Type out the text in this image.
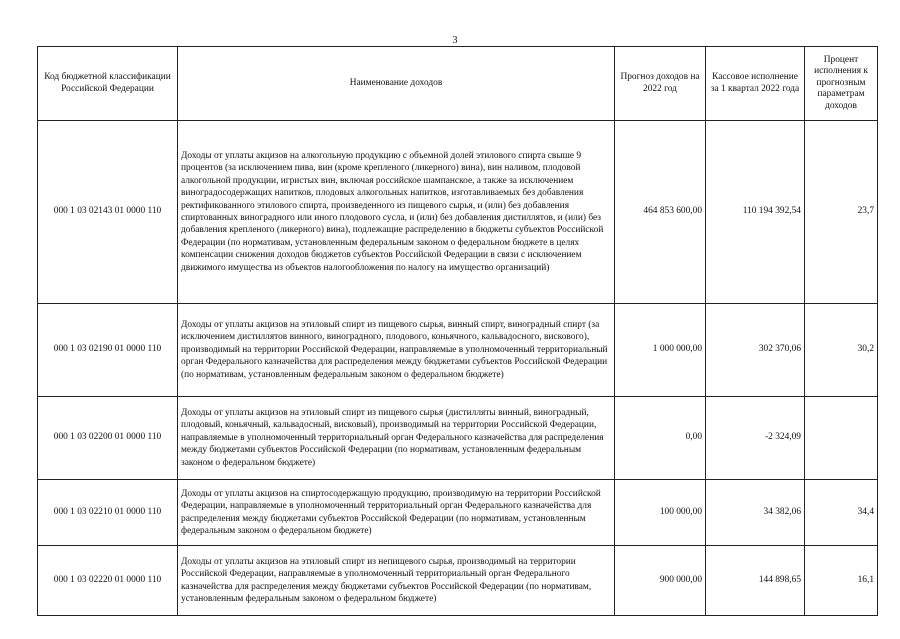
3
Код бюджетной классификации Российской Федерации	Наименование доходов	Прогноз доходов на 2022 год	Кассовое исполнение за 1 квартал 2022 года	Процент исполнения к прогнозным параметрам доходов
000 1 03 02143 01 0000 110	Доходы от уплаты акцизов на алкогольную продукцию с объемной долей этилового спирта свыше 9 процентов (за исключением пива, вин (кроме крепленого (ликерного) вина), вин наливом, плодовой алкогольной продукции, игристых вин, включая российское шампанское, а также за исключением виноградосодержащих напитков, плодовых алкогольных напитков, изготавливаемых без добавления ректификованного этилового спирта, произведенного из пищевого сырья, и (или) без добавления спиртованных виноградного или иного плодового сусла, и (или) без добавления дистиллятов, и (или) без добавления крепленого (ликерного) вина), подлежащие распределению в бюджеты субъектов Российской Федерации (по нормативам, установленным федеральным законом о федеральном бюджете в целях компенсации снижения доходов бюджетов субъектов Российской Федерации в связи с исключением движимого имущества из объектов налогообложения по налогу на имущество организаций)	464 853 600,00	110 194 392,54	23,7
000 1 03 02190 01 0000 110	Доходы от уплаты акцизов на этиловый спирт из пищевого сырья, винный спирт, виноградный спирт (за исключением дистиллятов винного, виноградного, плодового, коньячного, кальвадосного, вискового), производимый на территории Российской Федерации, направляемые в уполномоченный территориальный орган Федерального казначейства для распределения между бюджетами субъектов Российской Федерации (по нормативам, установленным федеральным законом о федеральном бюджете)	1 000 000,00	302 370,06	30,2
000 1 03 02200 01 0000 110	Доходы от уплаты акцизов на этиловый спирт из пищевого сырья (дистилляты винный, виноградный, плодовый, коньячный, кальвадосный, висковый), производимый на территории Российской Федерации, направляемые в уполномоченный территориальный орган Федерального казначейства для распределения между бюджетами субъектов Российской Федерации (по нормативам, установленным федеральным законом о федеральном бюджете)	0,00	-2 324,09	
000 1 03 02210 01 0000 110	Доходы от уплаты акцизов на спиртосодержащую продукцию, производимую на территории Российской Федерации, направляемые в уполномоченный территориальный орган Федерального казначейства для распределения между бюджетами субъектов Российской Федерации (по нормативам, установленным федеральным законом о федеральном бюджете)	100 000,00	34 382,06	34,4
000 1 03 02220 01 0000 110	Доходы от уплаты акцизов на этиловый спирт из непищевого сырья, производимый на территории Российской Федерации, направляемые в уполномоченный территориальный орган Федерального казначейства для распределения между бюджетами субъектов Российской Федерации (по нормативам, установленным федеральным законом о федеральном бюджете)	900 000,00	144 898,65	16,1
